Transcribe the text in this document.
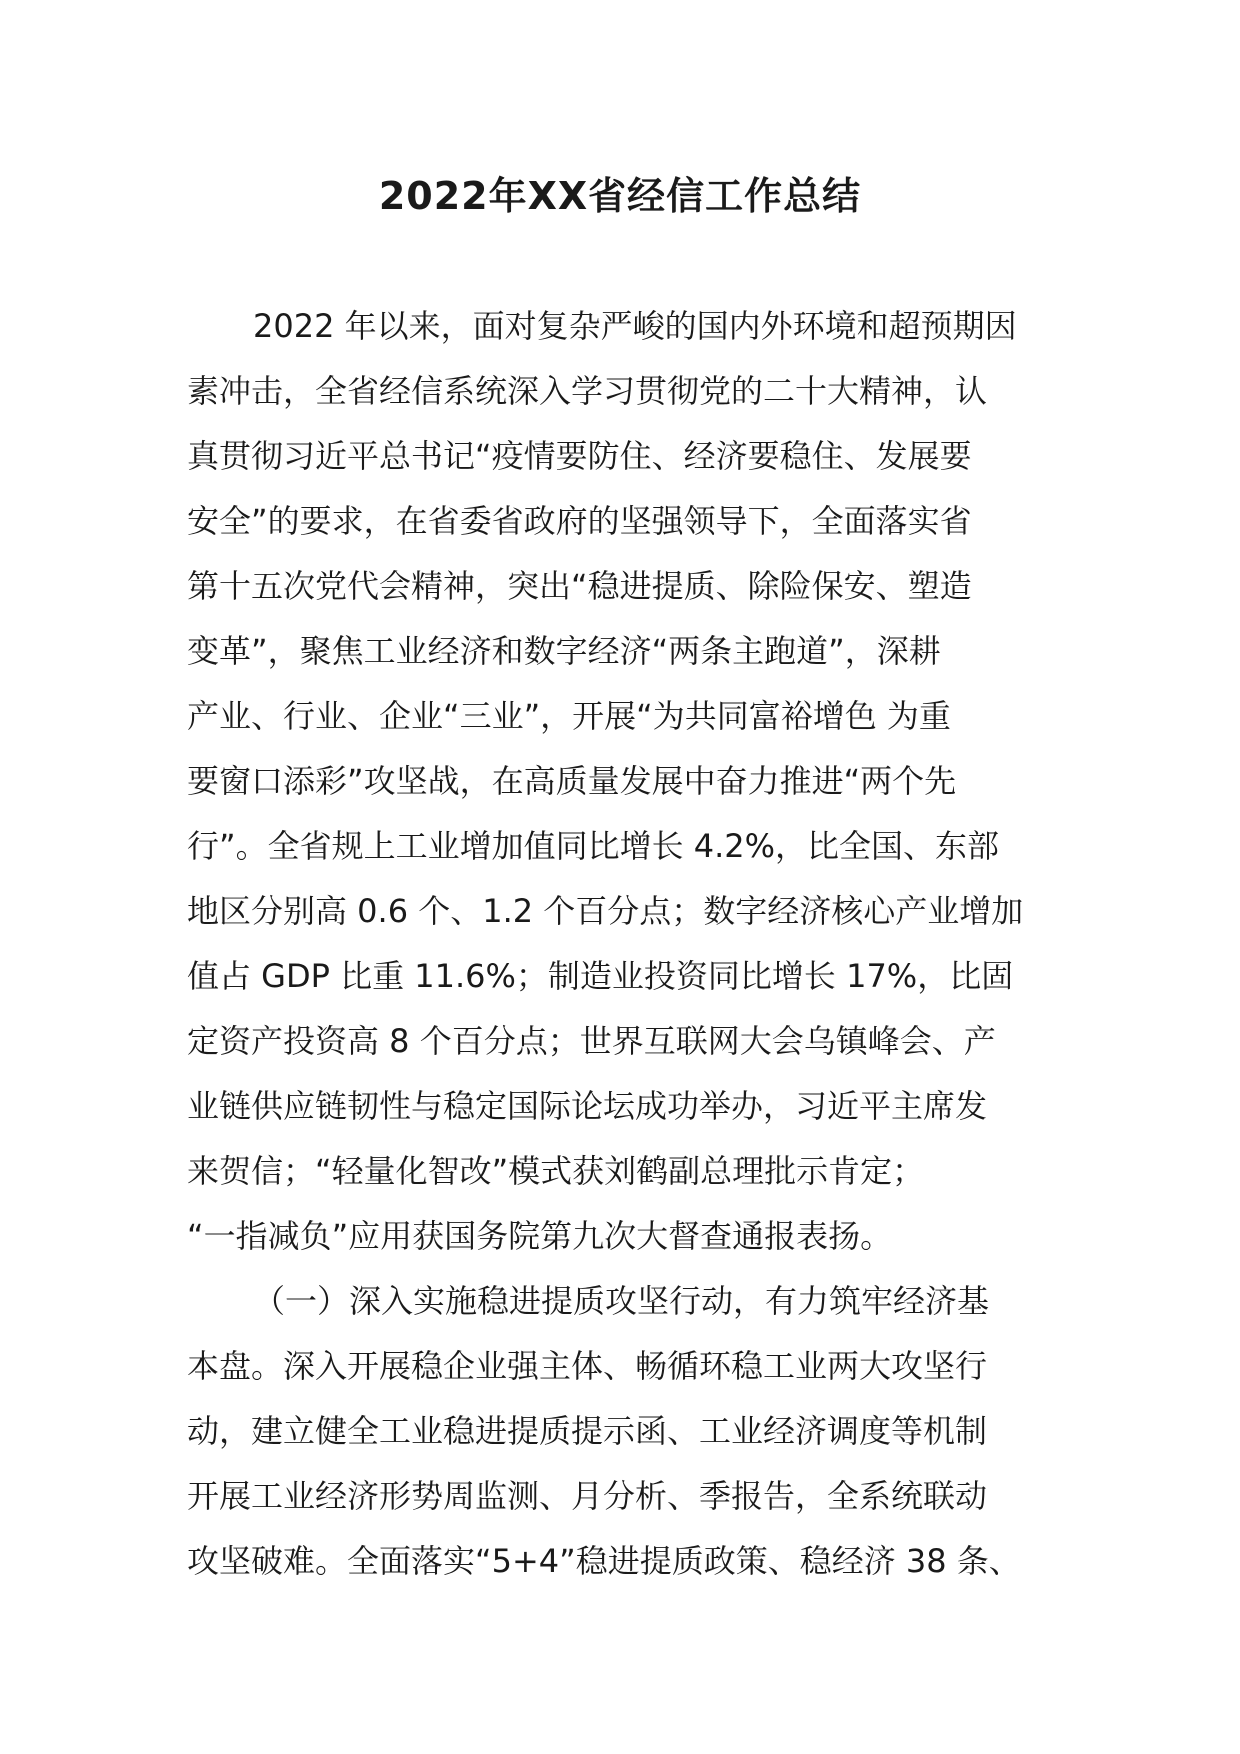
2022年XX省经信工作总结
2022 年以来，面对复杂严峻的国内外环境和超预期因
素冲击，全省经信系统深入学习贯彻党的二十大精神，认
真贯彻习近平总书记“疫情要防住、经济要稳住、发展要
安全”的要求，在省委省政府的坚强领导下，全面落实省
第十五次党代会精神，突出“稳进提质、除险保安、塑造
变革”，聚焦工业经济和数字经济“两条主跑道”，深耕
产业、行业、企业“三业”，开展“为共同富裕增色 为重
要窗口添彩”攻坚战，在高质量发展中奋力推进“两个先
行”。全省规上工业增加值同比增长 4.2%，比全国、东部
地区分别高 0.6 个、1.2 个百分点；数字经济核心产业增加
值占 GDP 比重 11.6%；制造业投资同比增长 17%，比固
定资产投资高 8 个百分点；世界互联网大会乌镇峰会、产
业链供应链韧性与稳定国际论坛成功举办，习近平主席发
来贺信；“轻量化智改”模式获刘鹤副总理批示肯定；
“一指减负”应用获国务院第九次大督查通报表扬。
（一）深入实施稳进提质攻坚行动，有力筑牢经济基
本盘。深入开展稳企业强主体、畅循环稳工业两大攻坚行
动，建立健全工业稳进提质提示函、工业经济调度等机制
开展工业经济形势周监测、月分析、季报告，全系统联动
攻坚破难。全面落实“5+4”稳进提质政策、稳经济 38 条、
